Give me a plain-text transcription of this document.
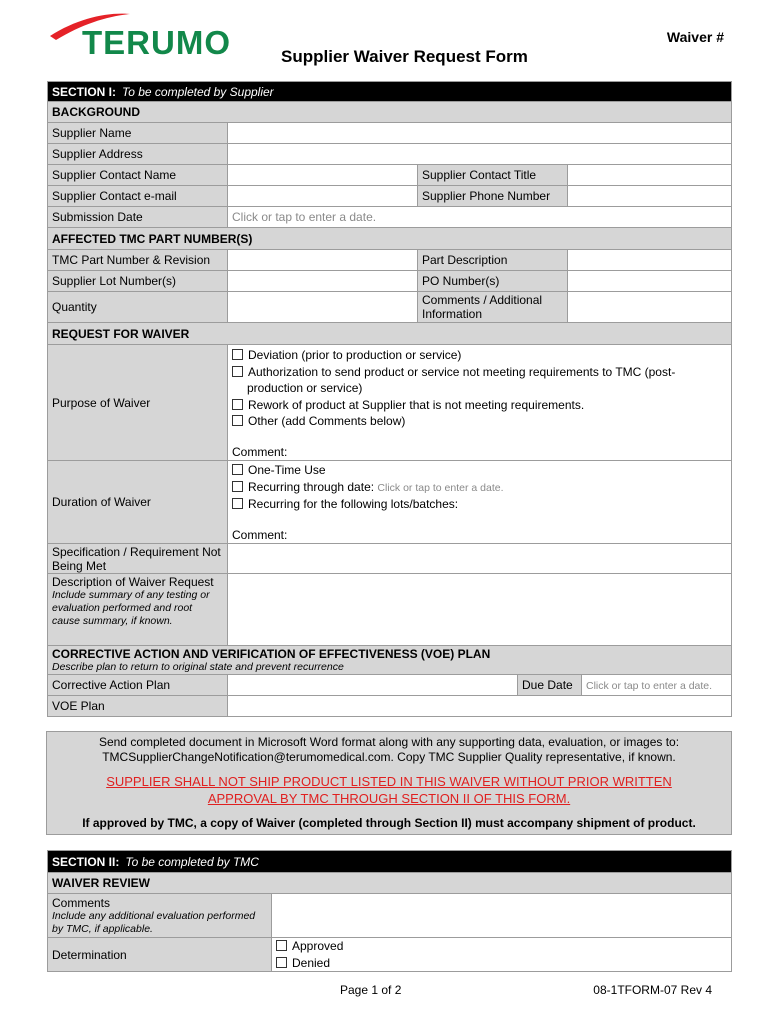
TERUMO	Waiver #
Supplier Waiver Request Form
SECTION I: To be completed by Supplier			
BACKGROUND			
Supplier Name			
Supplier Address			
Supplier Contact Name		Supplier Contact Title	
Supplier Contact e-mail		Supplier Phone Number	
Submission Date	Click or tap to enter a date.		
AFFECTED TMC PART NUMBER(S)			
TMC Part Number & Revision		Part Description	
Supplier Lot Number(s)		PO Number(s)	
Quantity		Comments / Additional Information	
REQUEST FOR WAIVER			
Purpose of Waiver	Deviation (prior to production or service)
Authorization to send product or service not meeting requirements to TMC (post-production or service)
Rework of product at Supplier that is not meeting requirements.
Other (add Comments below)
Comment:		

Duration of Waiver	One-Time Use
Recurring through date: Click or tap to enter a date.
Recurring for the following lots/batches:
Comment:		

Specification / Requirement Not Being Met			
Description of Waiver Request
Include summary of any testing or evaluation performed and root cause summary, if known.			

CORRECTIVE ACTION AND VERIFICATION OF EFFECTIVENESS (VOE) PLAN
Describe plan to return to original state and prevent recurrence			
Corrective Action Plan		Due Date	Click or tap to enter a date.
VOE Plan			
Send completed document in Microsoft Word format along with any supporting data, evaluation, or images to:
TMCSupplierChangeNotification@terumomedical.com. Copy TMC Supplier Quality representative, if known.
SUPPLIER SHALL NOT SHIP PRODUCT LISTED IN THIS WAIVER WITHOUT PRIOR WRITTEN APPROVAL BY TMC THROUGH SECTION II OF THIS FORM.
If approved by TMC, a copy of Waiver (completed through Section II) must accompany shipment of product.
SECTION II: To be completed by TMC	
WAIVER REVIEW	
Comments
Include any additional evaluation performed by TMC, if applicable.	

Determination	Approved
Denied
Page 1 of 2	08-1TFORM-07 Rev 4
